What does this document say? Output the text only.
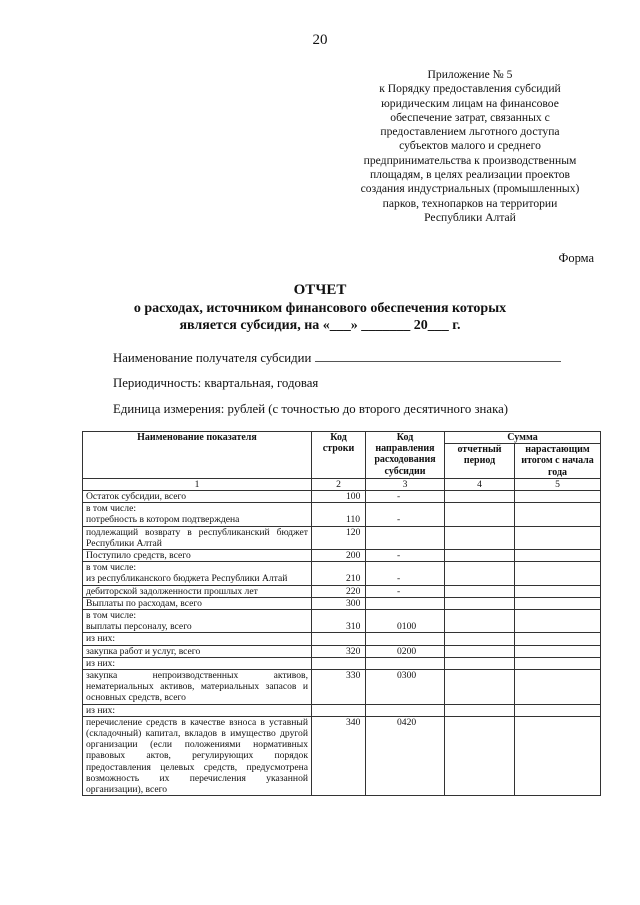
20
Приложение № 5
к Порядку предоставления субсидий
юридическим лицам на финансовое
обеспечение затрат, связанных с
предоставлением льготного доступа
субъектов малого и среднего
предпринимательства к производственным
площадям, в целях реализации проектов
создания индустриальных (промышленных)
парков, технопарков на территории
Республики Алтай
Форма
ОТЧЕТ
о расходах, источником финансового обеспечения которых
является субсидия, на «___» _______ 20___ г.
Наименование получателя субсидии
Периодичность: квартальная, годовая
Единица измерения: рублей (с точностью до второго десятичного знака)
Наименование показателя	Код строки	Код направления расходования субсидии	Сумма	
			отчетный период	нарастающим итогом с начала года
1	2	3	4	5
Остаток субсидии, всего	100	-		

в том числе:
потребность в котором подтверждена	110	-		
подлежащий возврату в республиканский бюджет Республики Алтай	120			
Поступило средств, всего	200	-		

в том числе:
из республиканского бюджета Республики Алтай	210	-		
дебиторской задолженности прошлых лет	220	-		
Выплаты по расходам, всего	300			

в том числе:
выплаты персоналу, всего	310	0100		
из них:				
закупка работ и услуг, всего	320	0200		
из них:				
закупка непроизводственных активов, нематериальных активов, материальных запасов и основных средств, всего	330	0300		
из них:				
перечисление средств в качестве взноса в уставный (складочный) капитал, вкладов в имущество другой организации (если положениями нормативных правовых актов, регулирующих порядок предоставления целевых средств, предусмотрена возможность их перечисления указанной организации), всего	340	0420		
